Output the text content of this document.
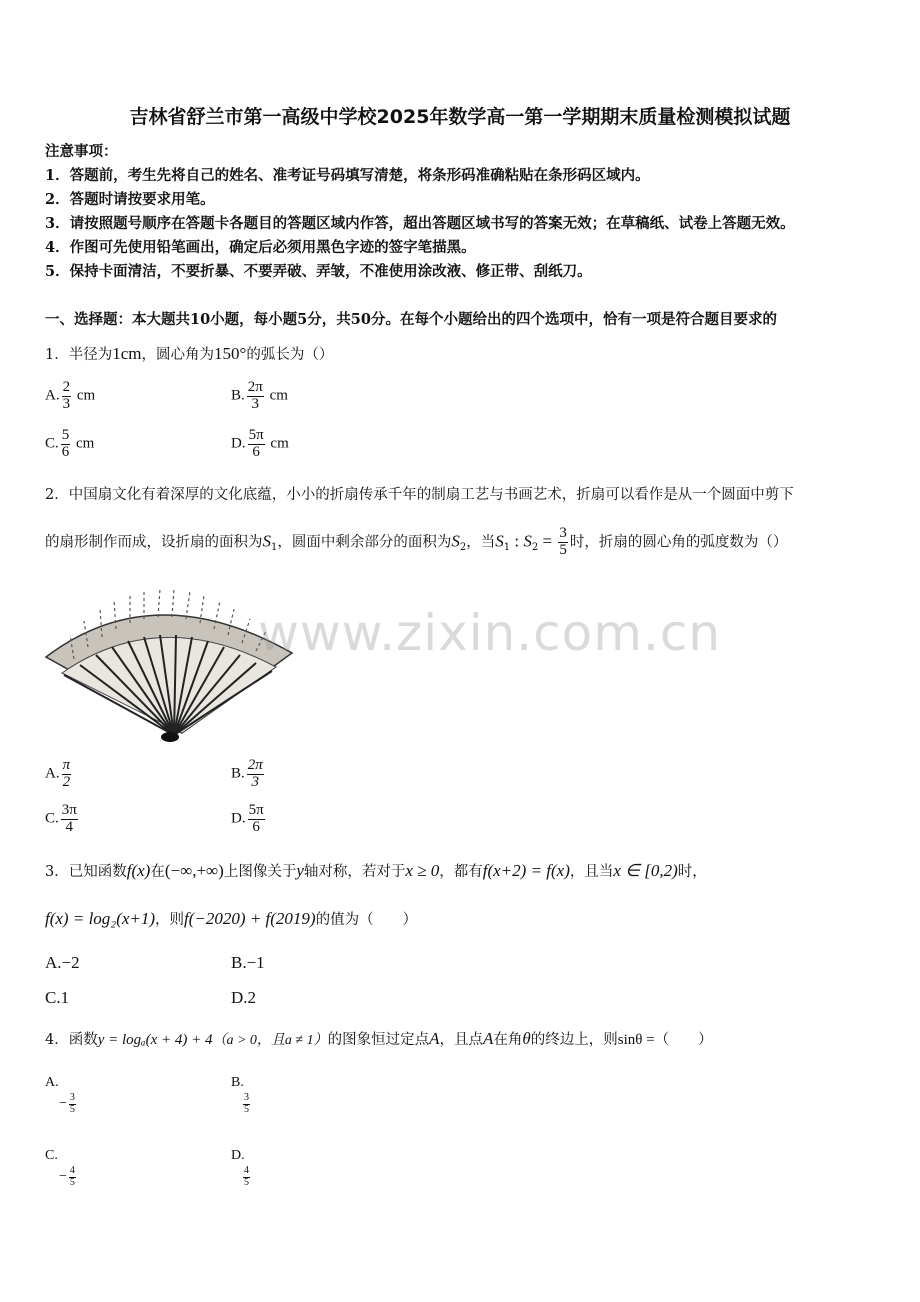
吉林省舒兰市第一高级中学校2025年数学高一第一学期期末质量检测模拟试题
注意事项：
1．答题前，考生先将自己的姓名、准考证号码填写清楚，将条形码准确粘贴在条形码区域内。
2．答题时请按要求用笔。
3．请按照题号顺序在答题卡各题目的答题区域内作答，超出答题区域书写的答案无效；在草稿纸、试卷上答题无效。
4．作图可先使用铅笔画出，确定后必须用黑色字迹的签字笔描黑。
5．保持卡面清洁，不要折暴、不要弄破、弄皱，不准使用涂改液、修正带、刮纸刀。
一、选择题：本大题共10小题，每小题5分，共50分。在每个小题给出的四个选项中，恰有一项是符合题目要求的
1．半径为1cm，圆心角为150°的弧长为（）
A. $\frac{2}{3}$ cm	B. $\frac{2\pi}{3}$ cm
C. $\frac{5}{6}$ cm	D. $\frac{5\pi}{6}$ cm
2．中国扇文化有着深厚的文化底蕴，小小的折扇传承千年的制扇工艺与书画艺术，折扇可以看作是从一个圆面中剪下
的扇形制作而成，设折扇的面积为$S_1$，圆面中剩余部分的面积为$S_2$，当$S_1$ : $S_2 = \frac{3}{5}$ 时，折扇的圆心角的弧度数为（）
www.zixin.com.cn
A. $\frac{\pi}{2}$	B. $\frac{2\pi}{3}$
C. $\frac{3\pi}{4}$	D. $\frac{5\pi}{6}$
3．已知函数f(x)在(−∞,+∞)上图像关于y轴对称，若对于x ≥ 0，都有f(x+2) = f(x)，且当x ∈ [0,2)时，
f(x) = log₂(x+1)，则f(−2020) + f(2019)的值为（　　）
A.−2	B.−1
C.1	D.2
4．函数y = logₐ(x + 4) + 4（a > 0，且a ≠ 1）的图象恒过定点A，且点A在角θ的终边上，则sinθ =（　　）
A.
− $\frac{3}{5}$
B.
$\frac{3}{5}$
C.
− $\frac{4}{5}$
D.
$\frac{4}{5}$
